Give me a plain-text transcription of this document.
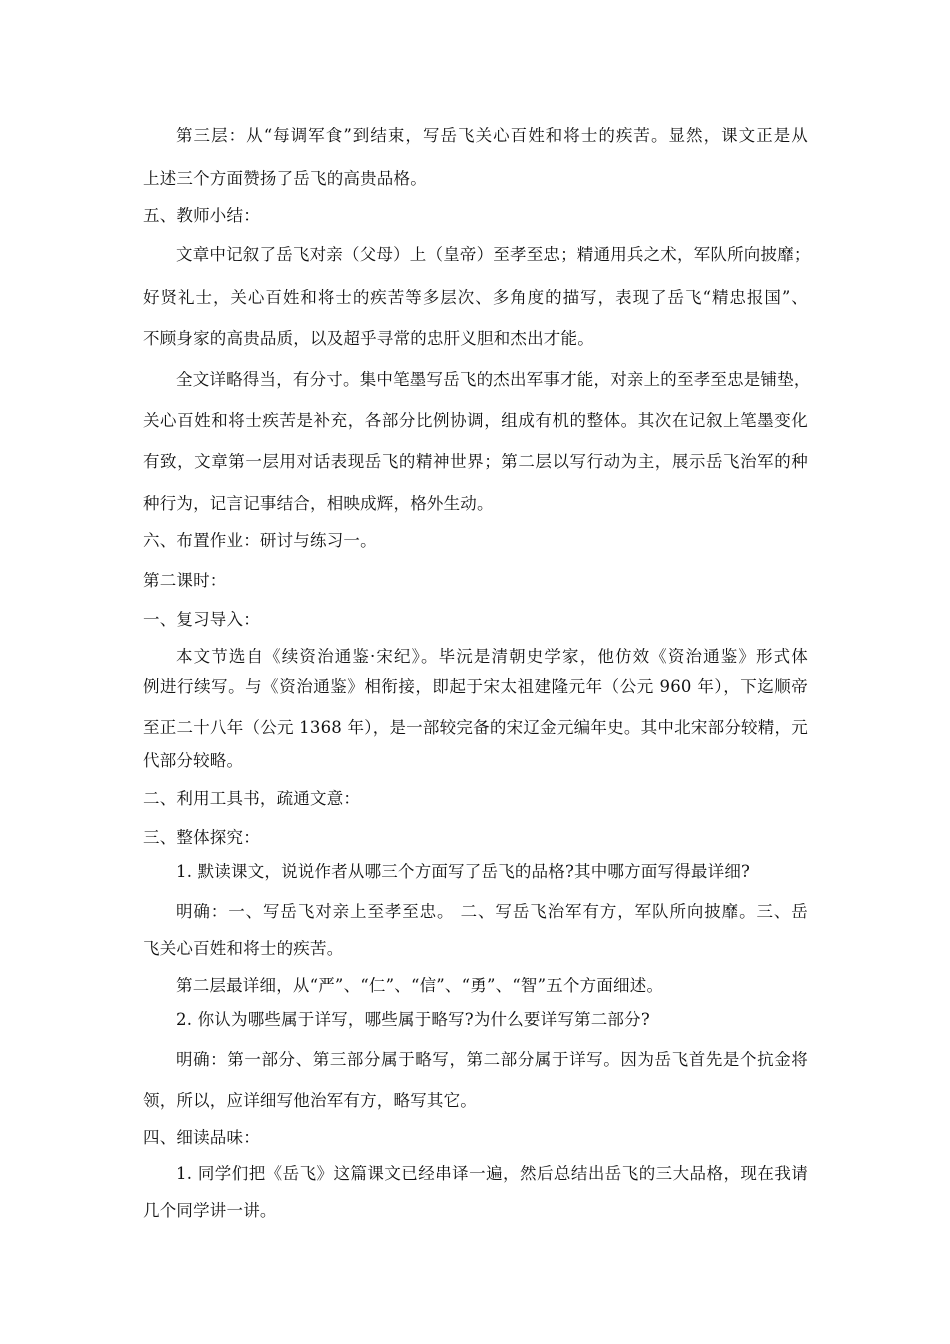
第三层：从“每调军食”到结束，写岳飞关心百姓和将士的疾苦。显然，课文正是从
上述三个方面赞扬了岳飞的高贵品格。
五、教师小结：
文章中记叙了岳飞对亲（父母）上（皇帝）至孝至忠；精通用兵之术，军队所向披靡；
好贤礼士，关心百姓和将士的疾苦等多层次、多角度的描写，表现了岳飞“精忠报国”、
不顾身家的高贵品质，以及超乎寻常的忠肝义胆和杰出才能。
全文详略得当，有分寸。集中笔墨写岳飞的杰出军事才能，对亲上的至孝至忠是铺垫，
关心百姓和将士疾苦是补充，各部分比例协调，组成有机的整体。其次在记叙上笔墨变化
有致，文章第一层用对话表现岳飞的精神世界；第二层以写行动为主，展示岳飞治军的种
种行为，记言记事结合，相映成辉，格外生动。
六、布置作业：研讨与练习一。
第二课时：
一、复习导入：
本文节选自《续资治通鉴·宋纪》。毕沅是清朝史学家，他仿效《资治通鉴》形式体
例进行续写。与《资治通鉴》相衔接，即起于宋太祖建隆元年（公元 960 年），下迄顺帝
至正二十八年（公元 1368 年），是一部较完备的宋辽金元编年史。其中北宋部分较精，元
代部分较略。
二、利用工具书，疏通文意：
三、整体探究：
1. 默读课文，说说作者从哪三个方面写了岳飞的品格?其中哪方面写得最详细?
明确：一、写岳飞对亲上至孝至忠。 二、写岳飞治军有方，军队所向披靡。三、岳
飞关心百姓和将士的疾苦。
第二层最详细，从“严”、“仁”、“信”、“勇”、“智”五个方面细述。
2. 你认为哪些属于详写，哪些属于略写?为什么要详写第二部分?
明确：第一部分、第三部分属于略写，第二部分属于详写。因为岳飞首先是个抗金将
领，所以，应详细写他治军有方，略写其它。
四、细读品味：
1. 同学们把《岳飞》这篇课文已经串译一遍，然后总结出岳飞的三大品格，现在我请
几个同学讲一讲。
